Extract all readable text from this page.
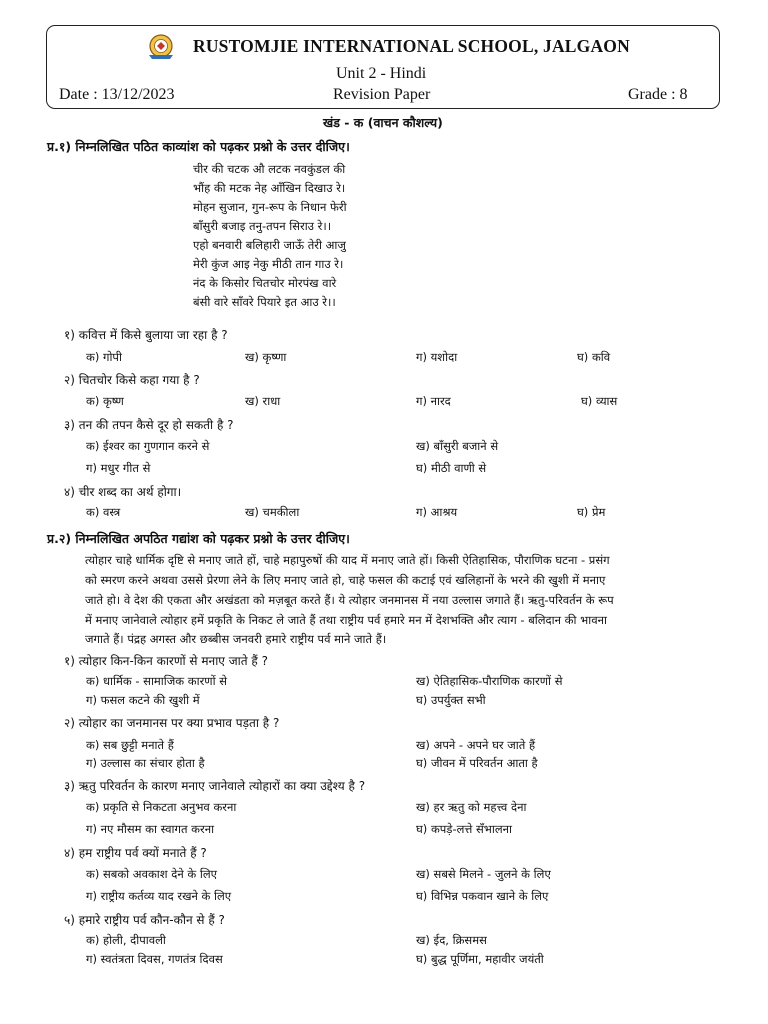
RUSTOMJIE INTERNATIONAL SCHOOL, JALGAON
Unit 2 - Hindi
Date : 13/12/2023	Revision Paper	Grade : 8
खंड - क (वाचन कौशल्य)
प्र.१) निम्नलिखित पठित काव्यांश को पढ़कर प्रश्नो के उत्तर दीजिए।
चीर की चटक औ लटक नवकुंडल की
भौंह की मटक नेह आँखिन दिखाउ रे।
मोहन सुजान, गुन-रूप के निधान फेरी
बाँसुरी बजाइ तनु-तपन सिराउ रे।।
एहो बनवारी बलिहारी जाऊँ तेरी आजु
मेरी कुंज आइ नेकु मीठी तान गाउ रे।
नंद के किसोर चितचोर मोरपंख वारे
बंसी वारे साँवरे पियारे इत आउ रे।।
१) कवित्त में किसे बुलाया जा रहा है ?
क) गोपी	ख) कृष्णा	ग) यशोदा	घ) कवि
२) चितचोर किसे कहा गया है ?
क) कृष्ण	ख) राधा	ग) नारद	घ) व्यास
३) तन की तपन कैसे दूर हो सकती है ?
क) ईश्वर का गुणगान करने से	ख) बाँसुरी बजाने से
ग) मधुर गीत से	घ) मीठी वाणी से
४) चीर शब्द का अर्थ होगा।
क) वस्त्र	ख) चमकीला	ग) आश्रय	घ) प्रेम
प्र.२) निम्नलिखित अपठित गद्यांश को पढ़कर प्रश्नो के उत्तर दीजिए।
त्योहार चाहे धार्मिक दृष्टि से मनाए जाते हों, चाहे महापुरुषों की याद में मनाए जाते हों। किसी ऐतिहासिक, पौराणिक घटना - प्रसंग
को स्मरण करने अथवा उससे प्रेरणा लेने के लिए मनाए जाते हो, चाहे फसल की कटाई एवं खलिहानों के भरने की खुशी में मनाए
जाते हो। वे देश की एकता और अखंडता को मज़बूत करते हैं। ये त्योहार जनमानस में नया उल्लास जगाते हैं। ऋतु-परिवर्तन के रूप
में मनाए जानेवाले त्योहार हमें प्रकृति के निकट ले जाते हैं तथा राष्ट्रीय पर्व हमारे मन में देशभक्ति और त्याग - बलिदान की भावना
जगाते हैं। पंद्रह अगस्त और छब्बीस जनवरी हमारे राष्ट्रीय पर्व माने जाते हैं।
१) त्योहार किन-किन कारणों से मनाए जाते हैं ?
क) धार्मिक - सामाजिक कारणों से	ख) ऐतिहासिक-पौराणिक कारणों से
ग) फसल कटने की खुशी में	घ) उपर्युक्त सभी
२) त्योहार का जनमानस पर क्या प्रभाव पड़ता है ?
क) सब छुट्टी मनाते हैं	ख) अपने - अपने घर जाते हैं
ग) उल्लास का संचार होता है	घ) जीवन में परिवर्तन आता है
३) ऋतु परिवर्तन के कारण मनाए जानेवाले त्योहारों का क्या उद्देश्य है ?
क) प्रकृति से निकटता अनुभव करना	ख) हर ऋतु को महत्त्व देना
ग) नए मौसम का स्वागत करना	घ) कपड़े-लत्ते सँभालना
४) हम राष्ट्रीय पर्व क्यों मनाते हैं ?
क) सबको अवकाश देने के लिए	ख) सबसे मिलने - जुलने के लिए
ग) राष्ट्रीय कर्तव्य याद रखने के लिए	घ) विभिन्न पकवान खाने के लिए
५) हमारे राष्ट्रीय पर्व कौन-कौन से हैं ?
क) होली, दीपावली	ख) ईद, क्रिसमस
ग) स्वतंत्रता दिवस, गणतंत्र दिवस	घ) बुद्ध पूर्णिमा, महावीर जयंती
